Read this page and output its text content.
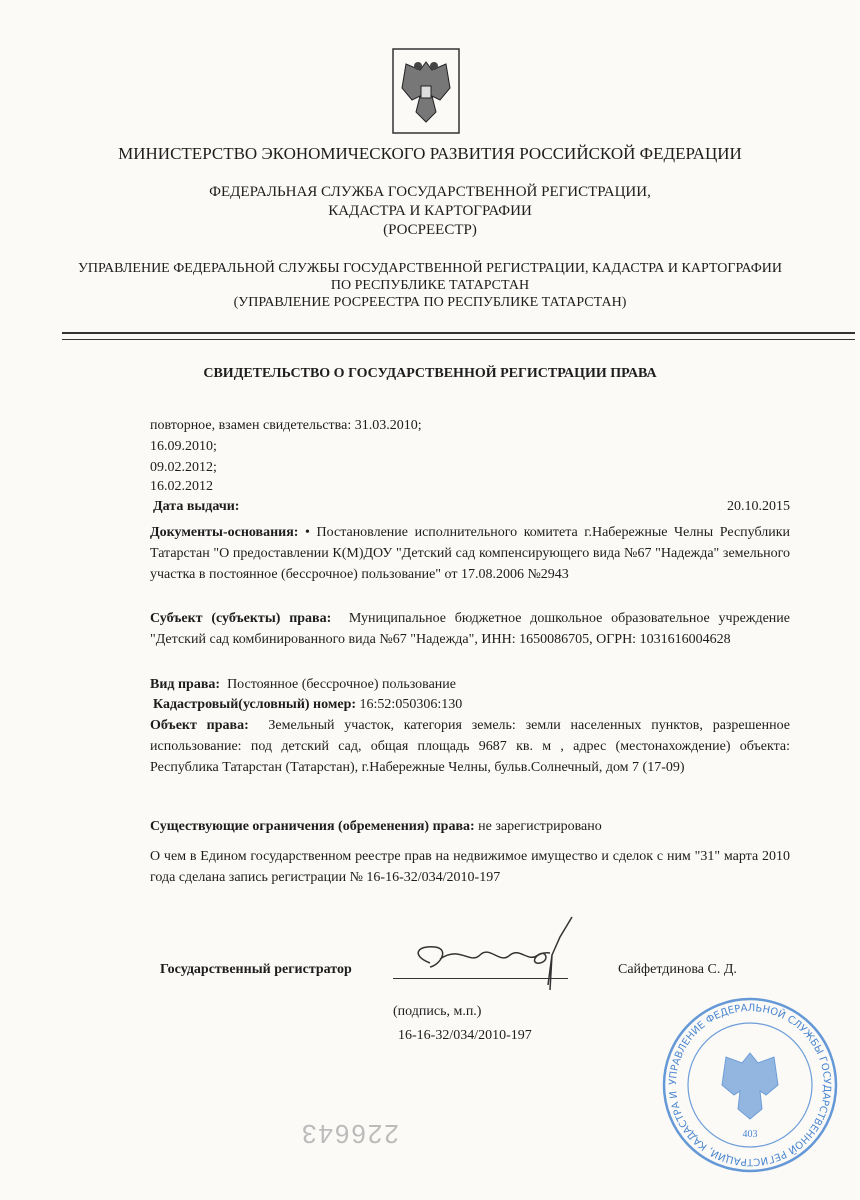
МИНИСТЕРСТВО ЭКОНОМИЧЕСКОГО РАЗВИТИЯ РОССИЙСКОЙ ФЕДЕРАЦИИ
ФЕДЕРАЛЬНАЯ СЛУЖБА ГОСУДАРСТВЕННОЙ РЕГИСТРАЦИИ,
КАДАСТРА И КАРТОГРАФИИ
(РОСРЕЕСТР)
УПРАВЛЕНИЕ ФЕДЕРАЛЬНОЙ СЛУЖБЫ ГОСУДАРСТВЕННОЙ РЕГИСТРАЦИИ, КАДАСТРА И КАРТОГРАФИИ
ПО РЕСПУБЛИКЕ ТАТАРСТАН
(УПРАВЛЕНИЕ РОСРЕЕСТРА ПО РЕСПУБЛИКЕ ТАТАРСТАН)
СВИДЕТЕЛЬСТВО О ГОСУДАРСТВЕННОЙ РЕГИСТРАЦИИ ПРАВА
повторное, взамен свидетельства: 31.03.2010;
16.09.2010;
09.02.2012;
16.02.2012
Дата выдачи:	20.10.2015
Документы-основания: • Постановление исполнительного комитета г.Набережные Челны Республики Татарстан "О предоставлении К(М)ДОУ "Детский сад компенсирующего вида №67 "Надежда" земельного участка в постоянное (бессрочное) пользование" от 17.08.2006 №2943
Субъект (субъекты) права: Муниципальное бюджетное дошкольное образовательное учреждение "Детский сад комбинированного вида №67 "Надежда", ИНН: 1650086705, ОГРН: 1031616004628
Вид права: Постоянное (бессрочное) пользование
Кадастровый(условный) номер: 16:52:050306:130
Объект права: Земельный участок, категория земель: земли населенных пунктов, разрешенное использование: под детский сад, общая площадь 9687 кв. м , адрес (местонахождение) объекта: Республика Татарстан (Татарстан), г.Набережные Челны, бульв.Солнечный, дом 7 (17-09)
Существующие ограничения (обременения) права: не зарегистрировано
О чем в Едином государственном реестре прав на недвижимое имущество и сделок с ним "31" марта 2010 года сделана запись регистрации № 16-16-32/034/2010-197
УПРАВЛЕНИЕ ФЕДЕРАЛЬНОЙ СЛУЖБЫ ГОСУДАРСТВЕННОЙ РЕГИСТРАЦИИ, КАДАСТРА И
403
Государственный регистратор	Сайфетдинова С. Д.
(подпись, м.п.)
16-16-32/034/2010-197
226643
